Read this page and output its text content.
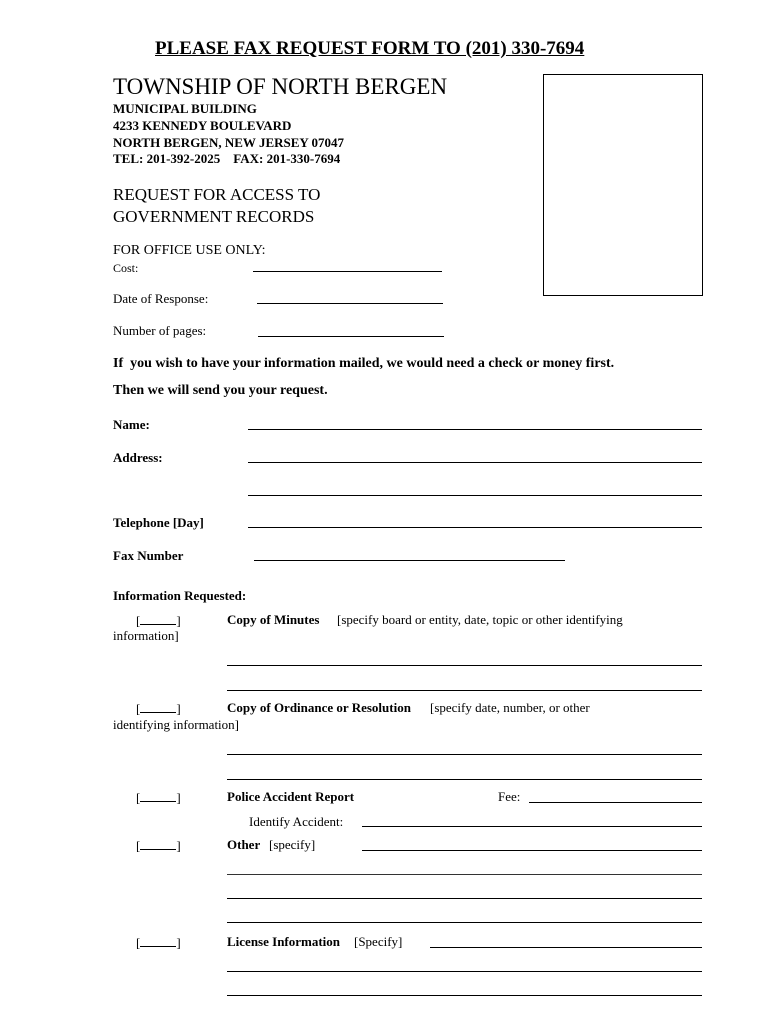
PLEASE FAX REQUEST FORM TO (201) 330-7694
TOWNSHIP OF NORTH BERGEN
MUNICIPAL BUILDING
4233 KENNEDY BOULEVARD
NORTH BERGEN, NEW JERSEY 07047
TEL: 201-392-2025    FAX: 201-330-7694
REQUEST FOR ACCESS TO
GOVERNMENT RECORDS
FOR OFFICE USE ONLY:
Cost:
Date of Response:
Number of pages:
If  you wish to have your information mailed, we would need a check or money first.
Then we will send you your request.
Name:
Address:
Telephone [Day]
Fax Number
Information Requested:
[	]	Copy of Minutes [specify board or entity, date, topic or other identifying
information]
[	]	Copy of Ordinance or Resolution [specify date, number, or other
identifying information]
[	]	Police Accident Report	Fee:
Identify Accident:
[	]	Other [specify]
[	]	License Information [Specify]
